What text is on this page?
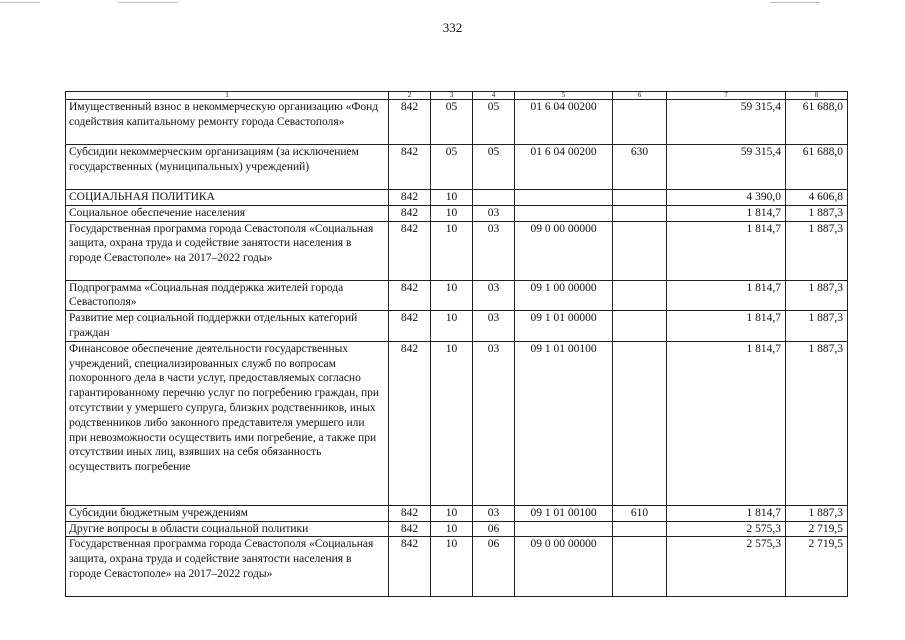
332
1	2	3	4	5	6	7	8
Имущественный взнос в некоммерческую организацию «Фонд содействия капитальному ремонту города Севастополя»	842	05	05	01 6 04 00200		59 315,4	61 688,0
Субсидии некоммерческим организациям (за исключением государственных (муниципальных) учреждений)	842	05	05	01 6 04 00200	630	59 315,4	61 688,0
СОЦИАЛЬНАЯ ПОЛИТИКА	842	10				4 390,0	4 606,8
Социальное обеспечение населения	842	10	03			1 814,7	1 887,3
Государственная программа города Севастополя «Социальная защита, охрана труда и содействие занятости населения в городе Севастополе» на 2017–2022 годы»	842	10	03	09 0 00 00000		1 814,7	1 887,3
Подпрограмма «Социальная поддержка жителей города Севастополя»	842	10	03	09 1 00 00000		1 814,7	1 887,3
Развитие мер социальной поддержки отдельных категорий граждан	842	10	03	09 1 01 00000		1 814,7	1 887,3
Финансовое обеспечение деятельности государственных учреждений, специализированных служб по вопросам похоронного дела в части услуг, предоставляемых согласно гарантированному перечню услуг по погребению граждан, при отсутствии у умершего супруга, близких родственников, иных родственников либо законного представителя умершего или при невозможности осуществить ими погребение, а также при отсутствии иных лиц, взявших на себя обязанность осуществить погребение	842	10	03	09 1 01 00100		1 814,7	1 887,3
Субсидии бюджетным учреждениям	842	10	03	09 1 01 00100	610	1 814,7	1 887,3
Другие вопросы в области социальной политики	842	10	06			2 575,3	2 719,5
Государственная программа города Севастополя «Социальная защита, охрана труда и содействие занятости населения в городе Севастополе» на 2017–2022 годы»	842	10	06	09 0 00 00000		2 575,3	2 719,5
